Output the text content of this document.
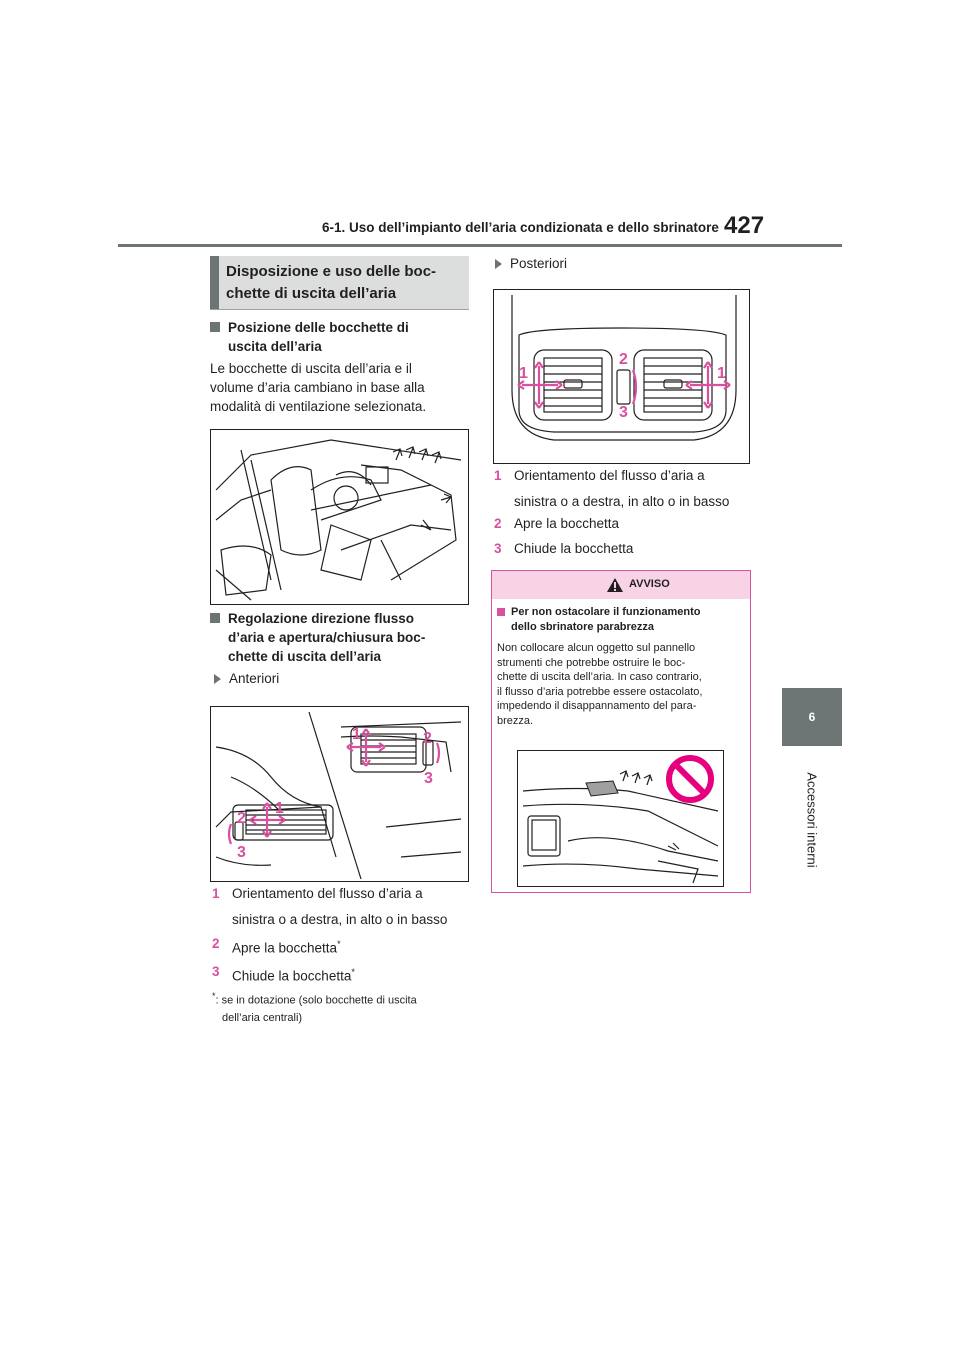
6-1. Uso dell’impianto dell’aria condizionata e dello sbrinatore 427
6
Accessori interni
Disposizione e uso delle boc-
chette di uscita dell’aria
Posizione delle bocchette di
uscita dell’aria
Le bocchette di uscita dell’aria e il
volume d’aria cambiano in base alla
modalità di ventilazione selezionata.
Regolazione direzione flusso
d’aria e apertura/chiusura boc-
chette di uscita dell’aria
Anteriori
1	2
3
1
2
3
1 Orientamento del flusso d’aria a
sinistra o a destra, in alto o in basso
2 Apre la bocchetta*
3 Chiude la bocchetta*
*: se in dotazione (solo bocchette di uscita
dell’aria centrali)
Posteriori
1
2
3
1
1 Orientamento del flusso d’aria a
sinistra o a destra, in alto o in basso
2 Apre la bocchetta
3 Chiude la bocchetta
AVVISO
Per non ostacolare il funzionamento
dello sbrinatore parabrezza
Non collocare alcun oggetto sul pannello
strumenti che potrebbe ostruire le boc-
chette di uscita dell’aria. In caso contrario,
il flusso d’aria potrebbe essere ostacolato,
impedendo il disappannamento del para-
brezza.
